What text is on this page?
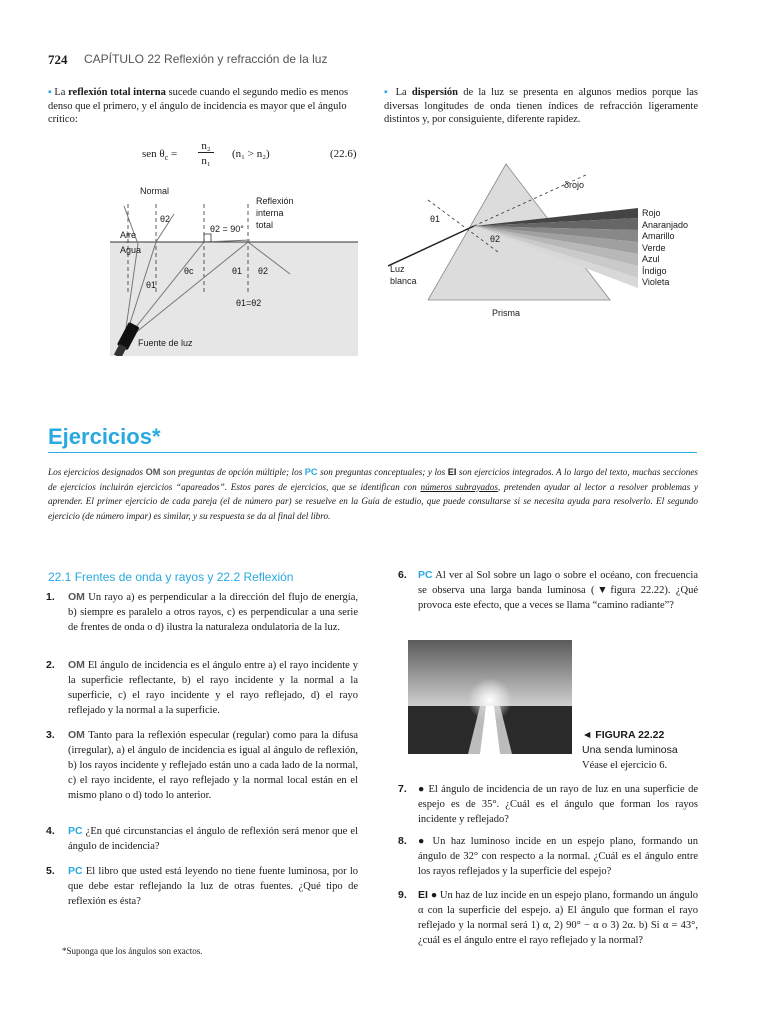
724 CAPÍTULO 22 Reflexión y refracción de la luz
▪ La reflexión total interna sucede cuando el segundo medio es menos denso que el primero, y el ángulo de incidencia es mayor que el ángulo crítico:
sen $\theta_c$ =
n₂
n₁
(n₁ > n₂)	(22.6)
Normal
Reflexión
interna
total
Aire
Agua
θ2
θ2 = 90°
θ1
θc	θ1 θ2
θ1=θ2
Fuente de luz
▪ La dispersión de la luz se presenta en algunos medios porque las diversas longitudes de onda tienen índices de refracción ligeramente distintos y, por consiguiente, diferente rapidez.
δrojo
θ1
θ2
Luz
blanca
Prisma
Rojo
Anaranjado
Amarillo
Verde
Azul
Índigo
Violeta
Ejercicios*
Los ejercicios designados OM son preguntas de opción múltiple; los PC son preguntas conceptuales; y los EI son ejercicios integrados. A lo largo del texto, muchas secciones de ejercicios incluirán ejercicios “apareados”. Estos pares de ejercicios, que se identifican con números subrayados, pretenden ayudar al lector a resolver problemas y aprender. El primer ejercicio de cada pareja (el de número par) se resuelve en la Guía de estudio, que puede consultarse si se necesita ayuda para resolverlo. El segundo ejercicio (de número impar) es similar, y su respuesta se da al final del libro.
22.1 Frentes de onda y rayos y 22.2 Reflexión
1. OM Un rayo a) es perpendicular a la dirección del flujo de energía, b) siempre es paralelo a otros rayos, c) es perpendicular a una serie de frentes de onda o d) ilustra la naturaleza ondulatoria de la luz.
2. OM El ángulo de incidencia es el ángulo entre a) el rayo incidente y la superficie reflectante, b) el rayo incidente y la normal a la superficie, c) el rayo incidente y el rayo reflejado, d) el rayo reflejado y la normal a la superficie.
3. OM Tanto para la reflexión especular (regular) como para la difusa (irregular), a) el ángulo de incidencia es igual al ángulo de reflexión, b) los rayos incidente y reflejado están uno a cada lado de la normal, c) el rayo incidente, el rayo reflejado y la normal local están en el mismo plano o d) todo lo anterior.
4. PC ¿En qué circunstancias el ángulo de reflexión será menor que el ángulo de incidencia?
5. PC El libro que usted está leyendo no tiene fuente luminosa, por lo que debe estar reflejando la luz de otras fuentes. ¿Qué tipo de reflexión es ésta?
6. PC Al ver al Sol sobre un lago o sobre el océano, con frecuencia se observa una larga banda luminosa (▼figura 22.22). ¿Qué provoca este efecto, que a veces se llama “camino radiante”?
◄ FIGURA 22.22
Una senda luminosa
Véase el ejercicio 6.
7. ● El ángulo de incidencia de un rayo de luz en una superficie de espejo es de 35°. ¿Cuál es el ángulo que forman los rayos incidente y reflejado?
8. ● Un haz luminoso incide en un espejo plano, formando un ángulo de 32° con respecto a la normal. ¿Cuál es el ángulo entre los rayos reflejados y la superficie del espejo?
9. EI ● Un haz de luz incide en un espejo plano, formando un ángulo α con la superficie del espejo. a) El ángulo que forman el rayo reflejado y la normal será 1) α, 2) 90° − α o 3) 2α. b) Si α = 43°, ¿cuál es el ángulo entre el rayo reflejado y la normal?
*Suponga que los ángulos son exactos.
